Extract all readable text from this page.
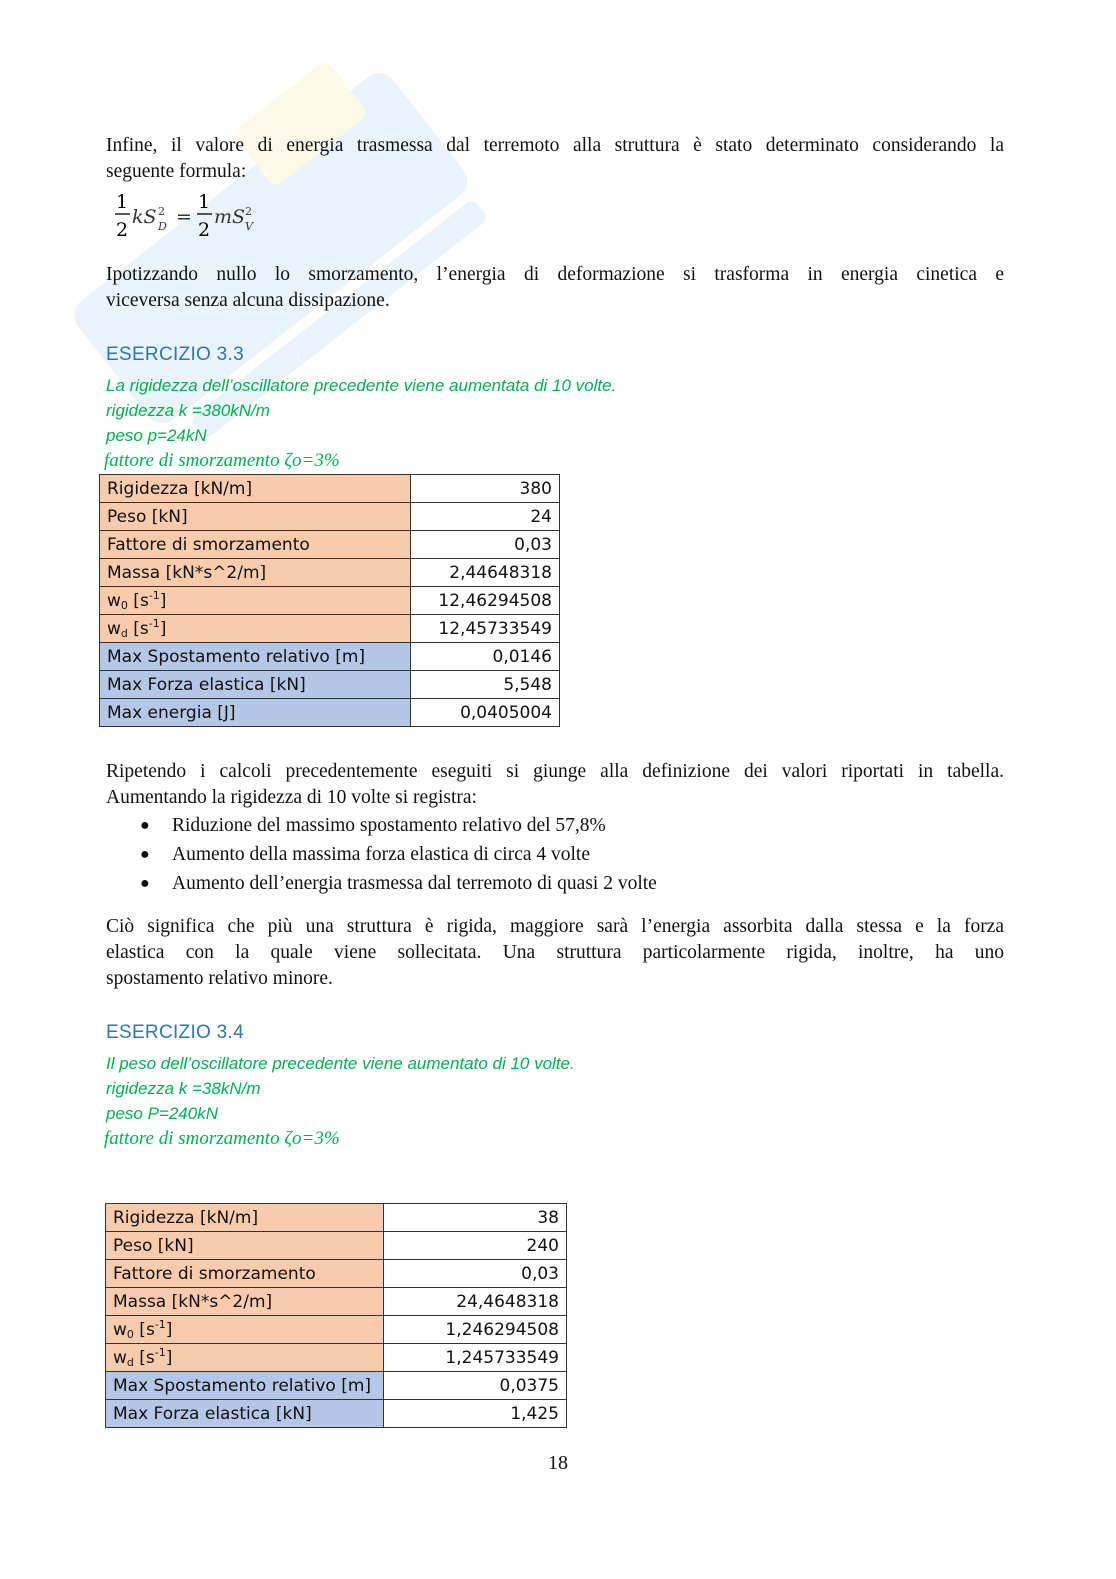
Infine, il valore di energia trasmessa dal terremoto alla struttura è stato determinato considerando la
seguente formula:
1
2
kS 2
D =
1
2
mS 2
V
Ipotizzando nullo lo smorzamento, l’energia di deformazione si trasforma in energia cinetica e
viceversa senza alcuna dissipazione.
ESERCIZIO 3.3
La rigidezza dell’oscillatore precedente viene aumentata di 10 volte.
rigidezza k =380kN/m
peso p=24kN
fattore di smorzamento ζo=3%
Rigidezza [kN/m]	380
Peso [kN]	24
Fattore di smorzamento	0,03
Massa [kN*s^2/m]	2,44648318
$w_0$ $[s^{-1}]$	12,46294508
$w_d$ $[s^{-1}]$	12,45733549
Max Spostamento relativo [m]	0,0146
Max Forza elastica [kN]	5,548
Max energia [J]	0,0405004
Ripetendo i calcoli precedentemente eseguiti si giunge alla definizione dei valori riportati in tabella.
Aumentando la rigidezza di 10 volte si registra:
● Riduzione del massimo spostamento relativo del 57,8%
● Aumento della massima forza elastica di circa 4 volte
● Aumento dell’energia trasmessa dal terremoto di quasi 2 volte
Ciò significa che più una struttura è rigida, maggiore sarà l’energia assorbita dalla stessa e la forza
elastica con la quale viene sollecitata. Una struttura particolarmente rigida, inoltre, ha uno
spostamento relativo minore.
ESERCIZIO 3.4
Il peso dell’oscillatore precedente viene aumentato di 10 volte.
rigidezza k =38kN/m
peso P=240kN
fattore di smorzamento ζo=3%
Rigidezza [kN/m]	38
Peso [kN]	240
Fattore di smorzamento	0,03
Massa [kN*s^2/m]	24,4648318
$w_0$ $[s^{-1}]$	1,246294508
$w_d$ $[s^{-1}]$	1,245733549
Max Spostamento relativo [m]	0,0375
Max Forza elastica [kN]	1,425
18
